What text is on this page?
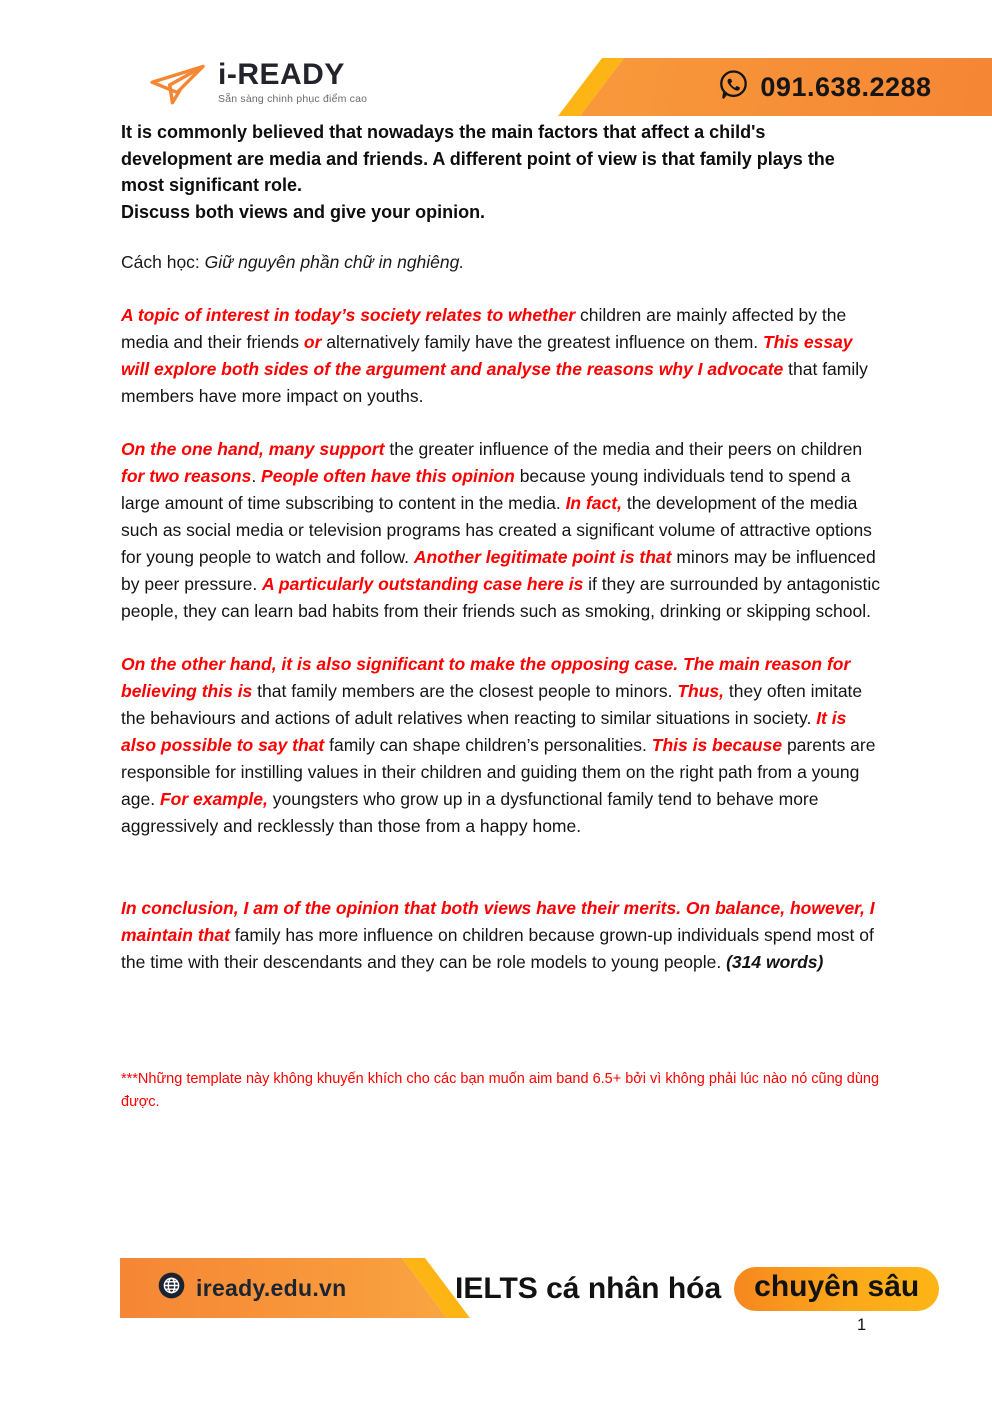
i-READY
Sẵn sàng chinh phục điểm cao	091.638.2288
It is commonly believed that nowadays the main factors that affect a child's development are media and friends. A different point of view is that family plays the most significant role.
Discuss both views and give your opinion.
Cách học: Giữ nguyên phần chữ in nghiêng.

A topic of interest in today’s society relates to whether children are mainly affected by the media and their friends or alternatively family have the greatest influence on them. This essay will explore both sides of the argument and analyse the reasons why I advocate that family members have more impact on youths.

On the one hand, many support the greater influence of the media and their peers on children for two reasons. People often have this opinion because young individuals tend to spend a large amount of time subscribing to content in the media. In fact, the development of the media such as social media or television programs has created a significant volume of attractive options for young people to watch and follow. Another legitimate point is that minors may be influenced by peer pressure. A particularly outstanding case here is if they are surrounded by antagonistic people, they can learn bad habits from their friends such as smoking, drinking or skipping school.

On the other hand, it is also significant to make the opposing case. The main reason for believing this is that family members are the closest people to minors. Thus, they often imitate the behaviours and actions of adult relatives when reacting to similar situations in society. It is also possible to say that family can shape children’s personalities. This is because parents are responsible for instilling values in their children and guiding them on the right path from a young age. For example, youngsters who grow up in a dysfunctional family tend to behave more aggressively and recklessly than those from a happy home.

In conclusion, I am of the opinion that both views have their merits. On balance, however, I maintain that family has more influence on children because grown-up individuals spend most of the time with their descendants and they can be role models to young people. (314 words)

***Những template này không khuyến khích cho các bạn muốn aim band 6.5+ bởi vì không phải lúc nào nó cũng dùng được.
iready.edu.vn	IELTS cá nhân hóa	chuyên sâu
1
